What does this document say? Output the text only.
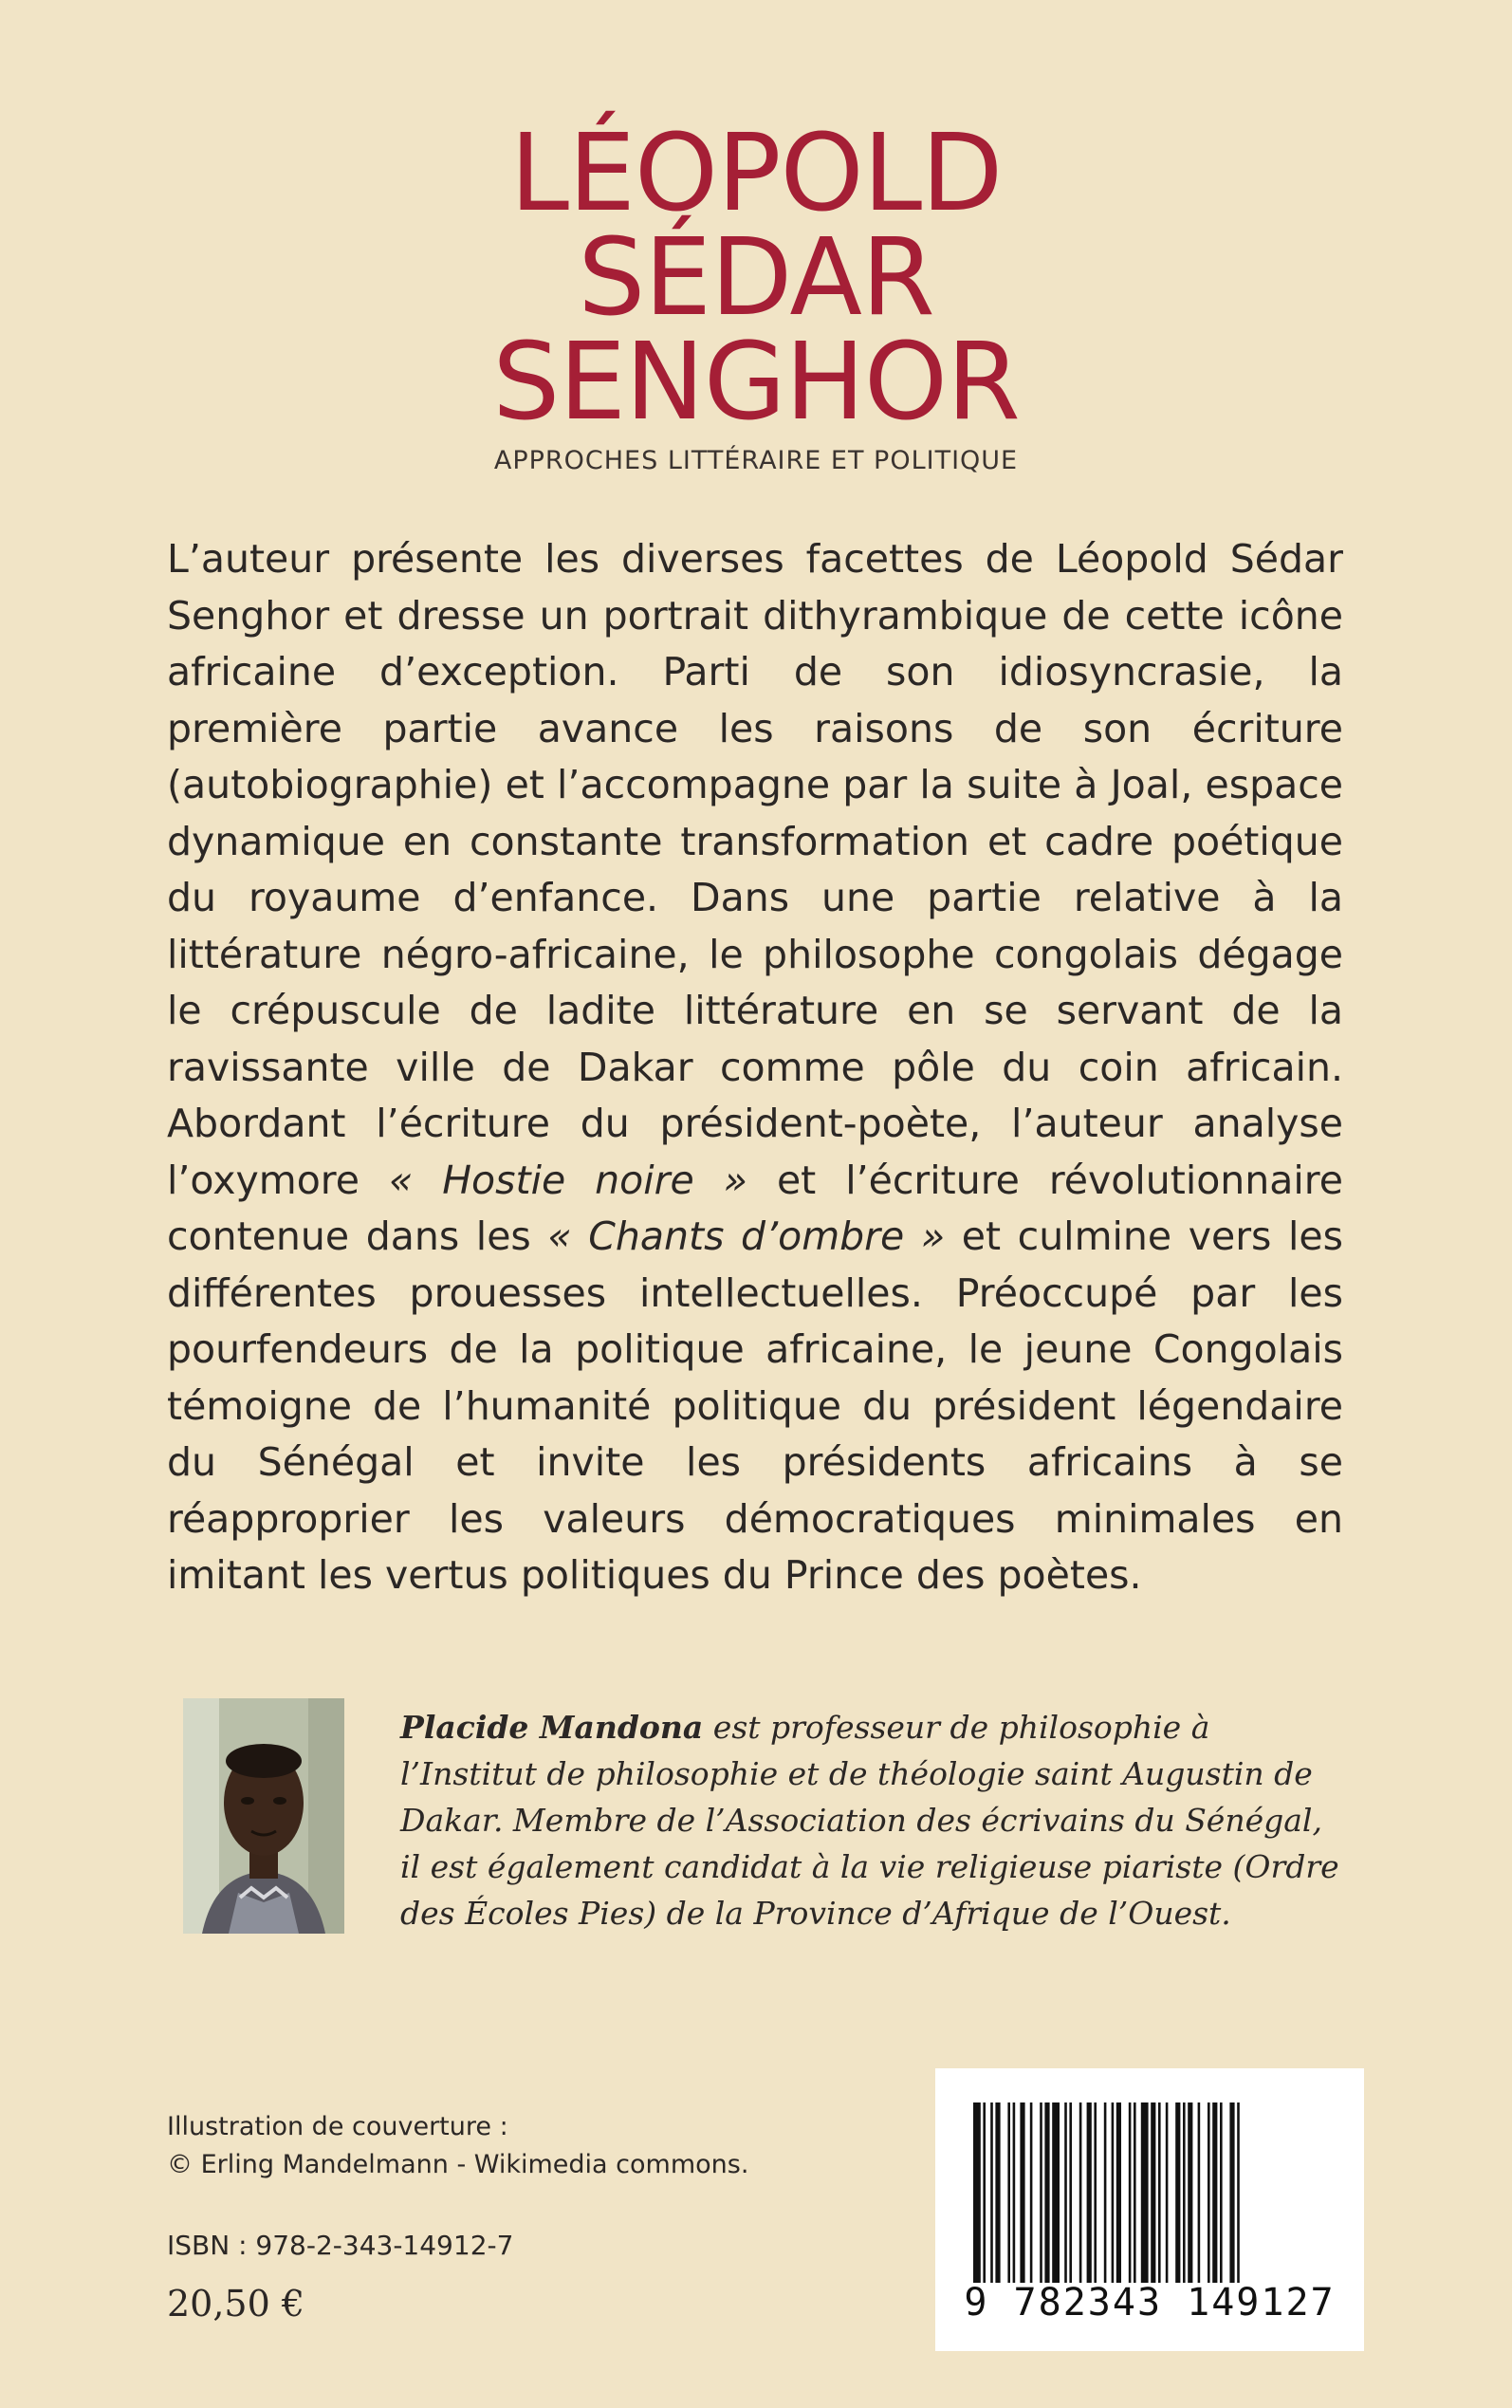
LÉOPOLD
SÉDAR
SENGHOR
APPROCHES LITTÉRAIRE ET POLITIQUE

L’auteur présente les diverses facettes de Léopold Sédar Senghor et dresse un portrait dithyrambique de cette icône africaine d’exception. Parti de son idiosyncrasie, la première partie avance les raisons de son écriture (autobiographie) et l’accompagne par la suite à Joal, espace dynamique en constante transformation et cadre poétique du royaume d’enfance. Dans une partie relative à la littérature négro-africaine, le philosophe congolais dégage le crépuscule de ladite littérature en se servant de la ravissante ville de Dakar comme pôle du coin africain. Abordant l’écriture du président-poète, l’auteur analyse l’oxymore « Hostie noire » et l’écriture révolutionnaire contenue dans les « Chants d’ombre » et culmine vers les différentes prouesses intellectuelles. Préoccupé par les pourfendeurs de la politique africaine, le jeune Congolais témoigne de l’humanité politique du président légendaire du Sénégal et invite les présidents africains à se réapproprier les valeurs démocratiques minimales en imitant les vertus politiques du Prince des poètes.

Placide Mandona est professeur de philosophie à l’Institut de philosophie et de théologie saint Augustin de Dakar. Membre de l’Association des écrivains du Sénégal, il est également candidat à la vie religieuse piariste (Ordre des Écoles Pies) de la Province d’Afrique de l’Ouest.

Illustration de couverture :
© Erling Mandelmann - Wikimedia commons.
ISBN : 978-2-343-14912-7
20,50 €	9 782343 149127
